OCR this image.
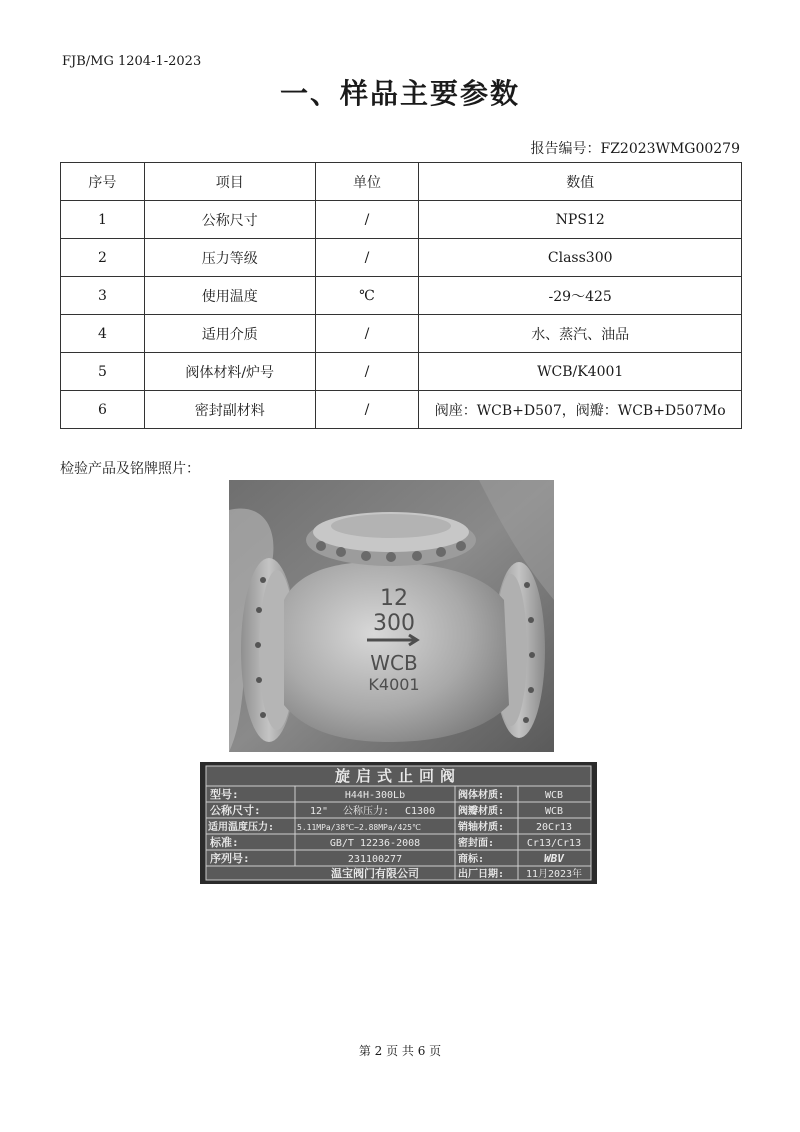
FJB/MG 1204-1-2023
一、样品主要参数
报告编号：FZ2023WMG00279
序号	项目	单位	数值
1	公称尺寸	/	NPS12
2	压力等级	/	Class300
3	使用温度	℃	-29～425
4	适用介质	/	水、蒸汽、油品
5	阀体材料/炉号	/	WCB/K4001
6	密封副材料	/	阀座：WCB+D507，阀瓣：WCB+D507Mo
检验产品及铭牌照片：
12
300
WCB
K4001
旋启式止回阀
型号:	H44H-300Lb	阀体材质:	WCB
公称尺寸:	12" 公称压力: C1300 阀瓣材质:	WCB
适用温度压力:	5.11MPa/38℃~2.88MPa/425℃	销轴材质:	20Cr13
标准:	GB/T 12236-2008	密封面:	Cr13/Cr13
序列号:	231100277	商标:	WBV
温宝阀门有限公司	出厂日期: 11月2023年
第 2 页 共 6 页
